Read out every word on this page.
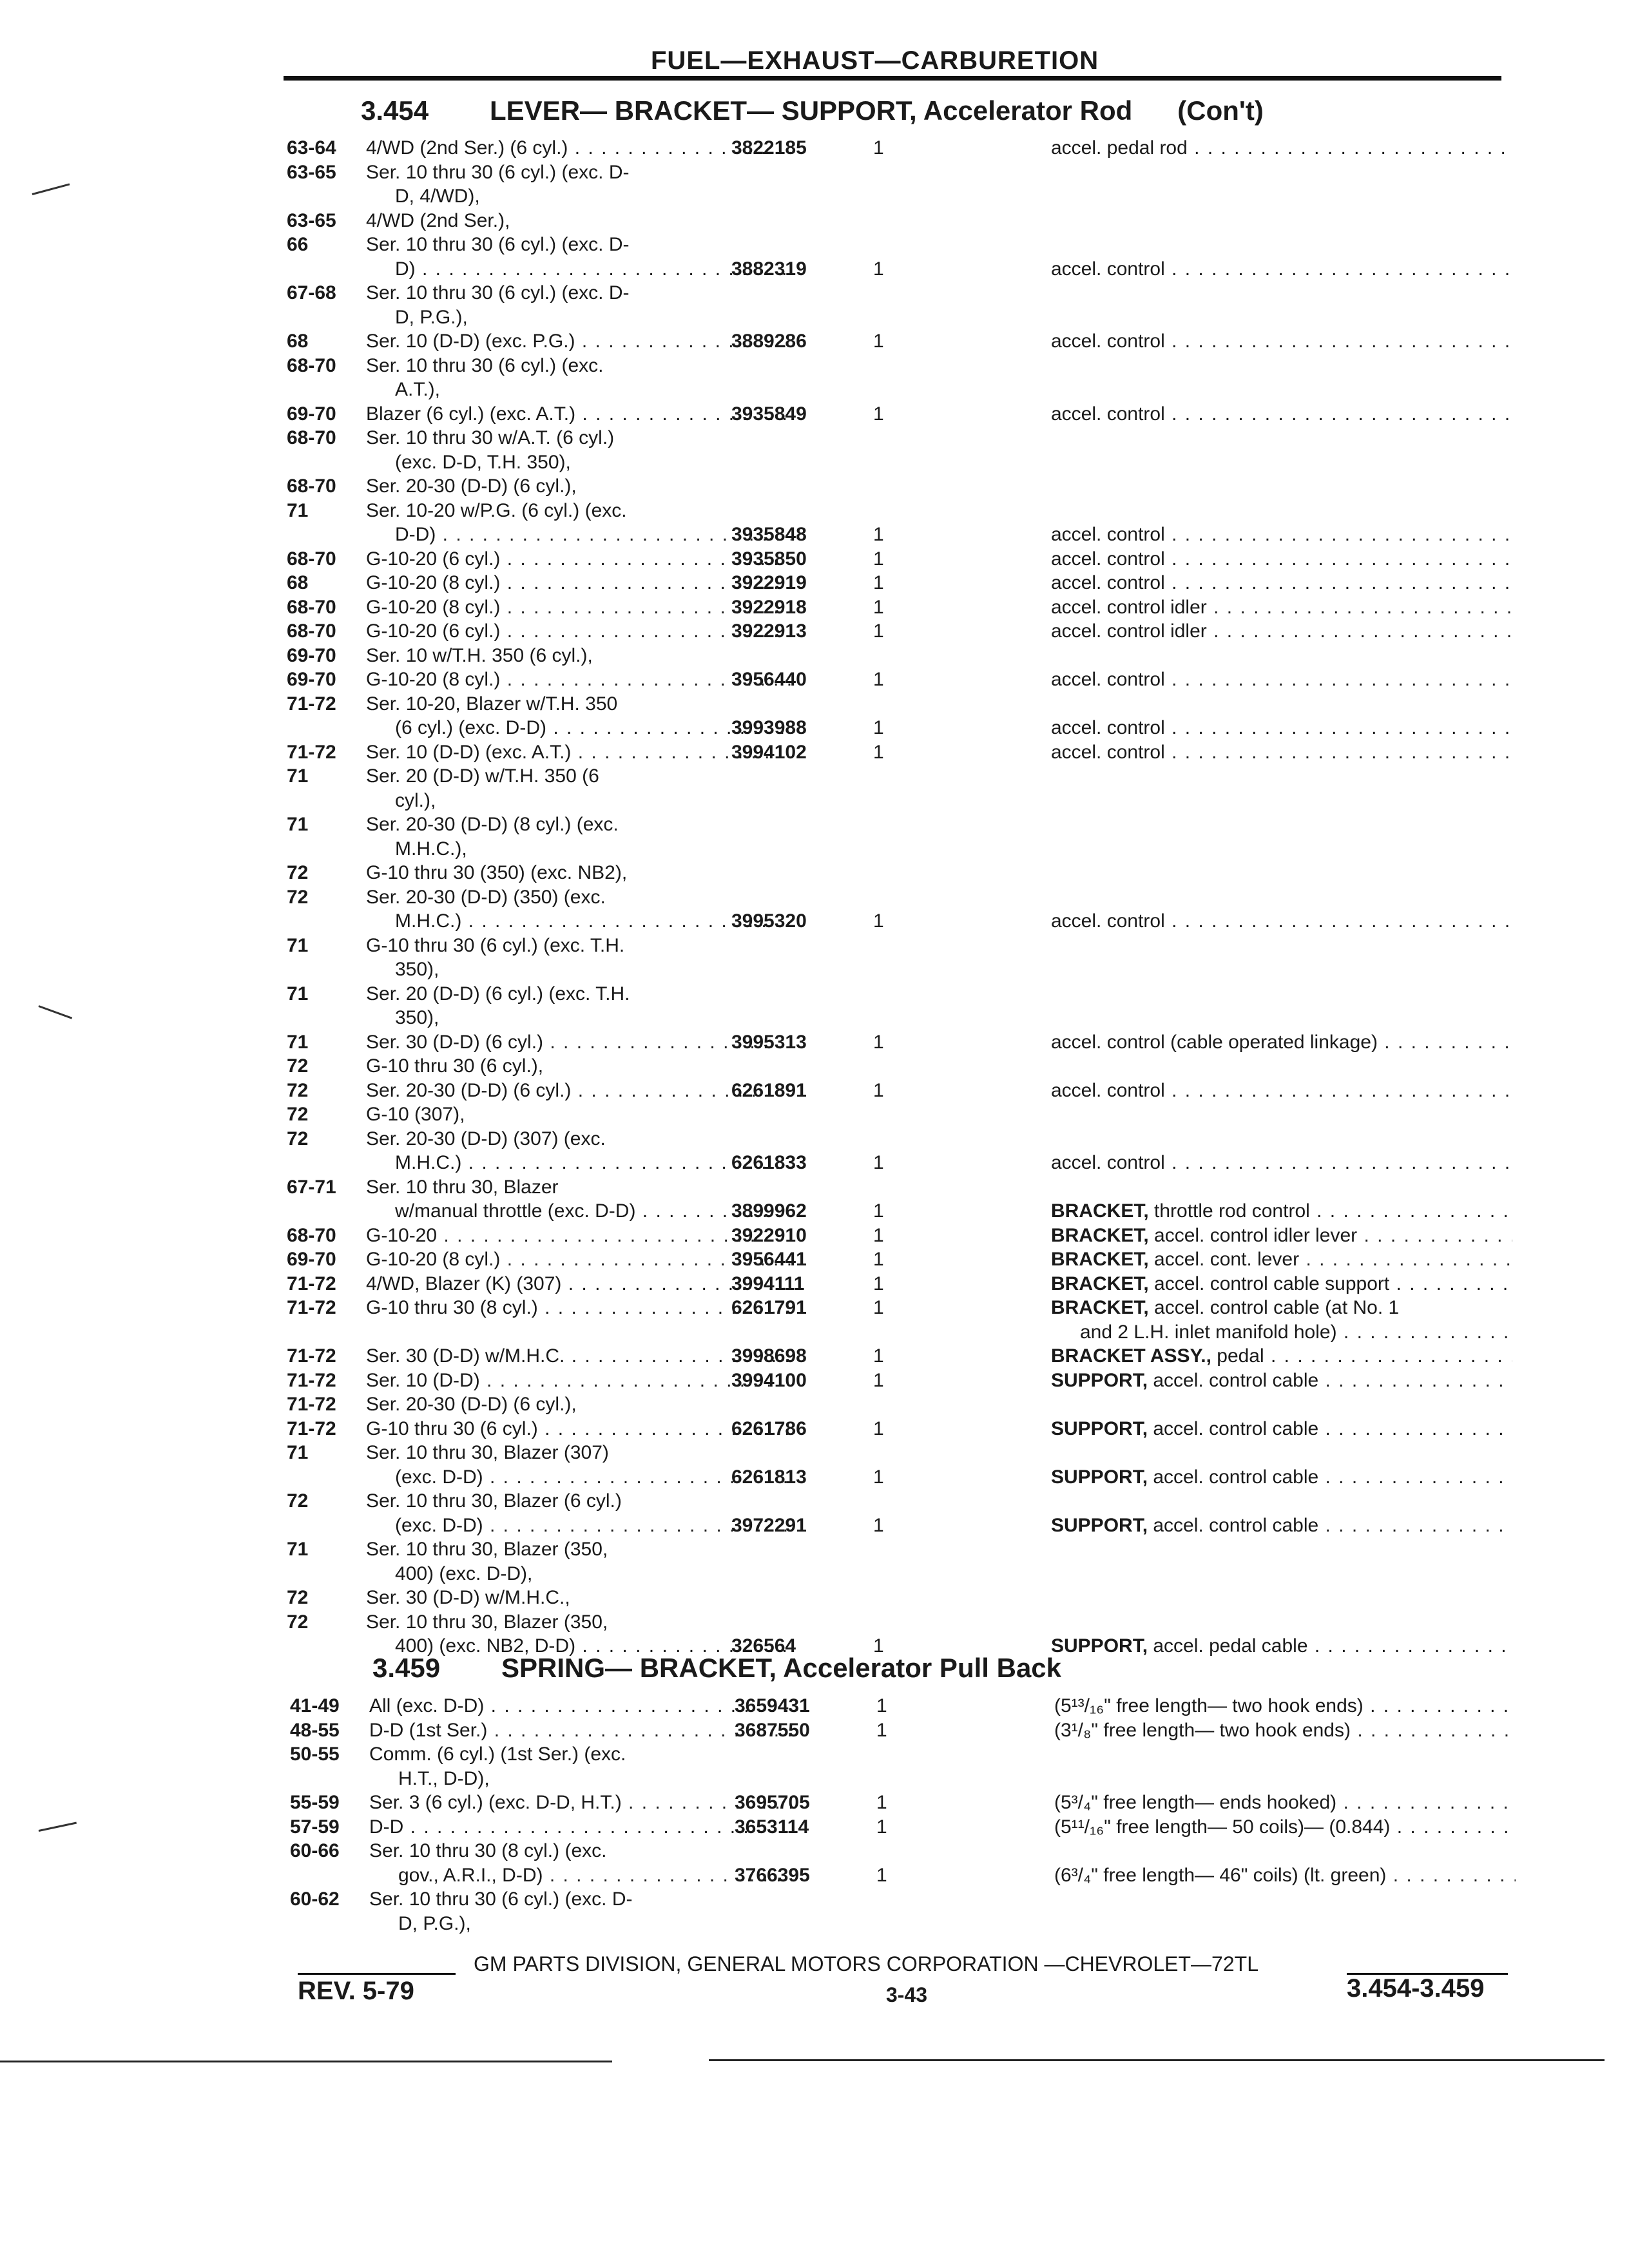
FUEL—EXHAUST—CARBURETION
3.454 LEVER— BRACKET— SUPPORT, Accelerator Rod (Con't)
63-64 4/WD (2nd Ser.) (6 cyl.) . . .	3822185	1	accel. pedal rod . . .
63-65 Ser. 10 thru 30 (6 cyl.) (exc. D-
  D, 4/WD),
63-65 4/WD (2nd Ser.),
66	Ser. 10 thru 30 (6 cyl.) (exc. D-
  D) . . .	3882319	1	accel. control . . .
67-68 Ser. 10 thru 30 (6 cyl.) (exc. D-
  D, P.G.),
68	Ser. 10 (D-D) (exc. P.G.) . . .	3889286	1	accel. control . . .
68-70 Ser. 10 thru 30 (6 cyl.) (exc.
  A.T.),
69-70 Blazer (6 cyl.) (exc. A.T.) . . .	3935849	1	accel. control . . .
68-70 Ser. 10 thru 30 w/A.T. (6 cyl.)
  (exc. D-D, T.H. 350),
68-70 Ser. 20-30 (D-D) (6 cyl.),
71	Ser. 10-20 w/P.G. (6 cyl.) (exc.
  D-D) . . .	3935848	1	accel. control . . .
68-70 G-10-20 (6 cyl.) . . .	3935850	1	accel. control . . .
68	G-10-20 (8 cyl.) . . .	3922919	1	accel. control . . .
68-70 G-10-20 (8 cyl.) . . .	3922918	1	accel. control idler . . .
68-70 G-10-20 (6 cyl.) . . .	3922913	1	accel. control idler . . .
69-70 Ser. 10 w/T.H. 350 (6 cyl.),
69-70 G-10-20 (8 cyl.) . . .	3956440	1	accel. control . . .
71-72 Ser. 10-20, Blazer w/T.H. 350
  (6 cyl.) (exc. D-D) . . .	3993988	1	accel. control . . .
71-72 Ser. 10 (D-D) (exc. A.T.) . . .	3994102	1	accel. control . . .
71	Ser. 20 (D-D) w/T.H. 350 (6
  cyl.),
71	Ser. 20-30 (D-D) (8 cyl.) (exc.
  M.H.C.),
72	G-10 thru 30 (350) (exc. NB2),
72	Ser. 20-30 (D-D) (350) (exc.
  M.H.C.) . . .	3995320	1	accel. control . . .
71	G-10 thru 30 (6 cyl.) (exc. T.H.
  350),
71	Ser. 20 (D-D) (6 cyl.) (exc. T.H.
  350),
71	Ser. 30 (D-D) (6 cyl.) . . .	3995313	1	accel. control (cable operated linkage) . . .
72	G-10 thru 30 (6 cyl.),
72	Ser. 20-30 (D-D) (6 cyl.) . . .	6261891	1	accel. control . . .
72	G-10 (307),
72	Ser. 20-30 (D-D) (307) (exc.
  M.H.C.) . . .	6261833	1	accel. control . . .
67-71 Ser. 10 thru 30, Blazer
  w/manual throttle (exc. D-D) . . .	3899962	1	BRACKET, throttle rod control . . .
68-70 G-10-20 . . .	3922910	1	BRACKET, accel. control idler lever . . .
69-70 G-10-20 (8 cyl.) . . .	3956441	1	BRACKET, accel. cont. lever . . .
71-72 4/WD, Blazer (K) (307) . . .	3994111	1	BRACKET, accel. control cable support . . .
71-72 G-10 thru 30 (8 cyl.) . . .	6261791	1	BRACKET, accel. control cable (at No. 1
  and 2 L.H. inlet manifold hole) . . .
71-72 Ser. 30 (D-D) w/M.H.C. . . .	3998698	1	BRACKET ASSY., pedal . . .
71-72 Ser. 10 (D-D) . . .	3994100	1	SUPPORT, accel. control cable . . .
71-72 Ser. 20-30 (D-D) (6 cyl.),
71-72 G-10 thru 30 (6 cyl.) . . .	6261786	1	SUPPORT, accel. control cable . . .
71	Ser. 10 thru 30, Blazer (307)
  (exc. D-D) . . .	6261813	1	SUPPORT, accel. control cable . . .
72	Ser. 10 thru 30, Blazer (6 cyl.)
  (exc. D-D) . . .	3972291	1	SUPPORT, accel. control cable . . .
71	Ser. 10 thru 30, Blazer (350,
  400) (exc. D-D),
72	Ser. 30 (D-D) w/M.H.C.,
72	Ser. 10 thru 30, Blazer (350,
  400) (exc. NB2, D-D) . . .	326564	1	SUPPORT, accel. pedal cable . . .
3.459 SPRING— BRACKET, Accelerator Pull Back
41-49 All (exc. D-D) . . .	3659431	1	(5¹³/₁₆" free length— two hook ends) . . .
48-55 D-D (1st Ser.) . . .	3687550	1	(3¹/₈" free length— two hook ends) . . .
50-55 Comm. (6 cyl.) (1st Ser.) (exc.
  H.T., D-D),
55-59 Ser. 3 (6 cyl.) (exc. D-D, H.T.) . . .	3695705	1	(5³/₄" free length— ends hooked) . . .
57-59 D-D . . .	3653114	1	(5¹¹/₁₆" free length— 50 coils)— (0.844) . . .
60-66 Ser. 10 thru 30 (8 cyl.) (exc.
  gov., A.R.I., D-D) . . .	3766395	1	(6³/₄" free length— 46" coils) (lt. green) . . .
60-62 Ser. 10 thru 30 (6 cyl.) (exc. D-
  D, P.G.),
GM PARTS DIVISION, GENERAL MOTORS CORPORATION —CHEVROLET—72TL
REV. 5-79	3-43	3.454-3.459
